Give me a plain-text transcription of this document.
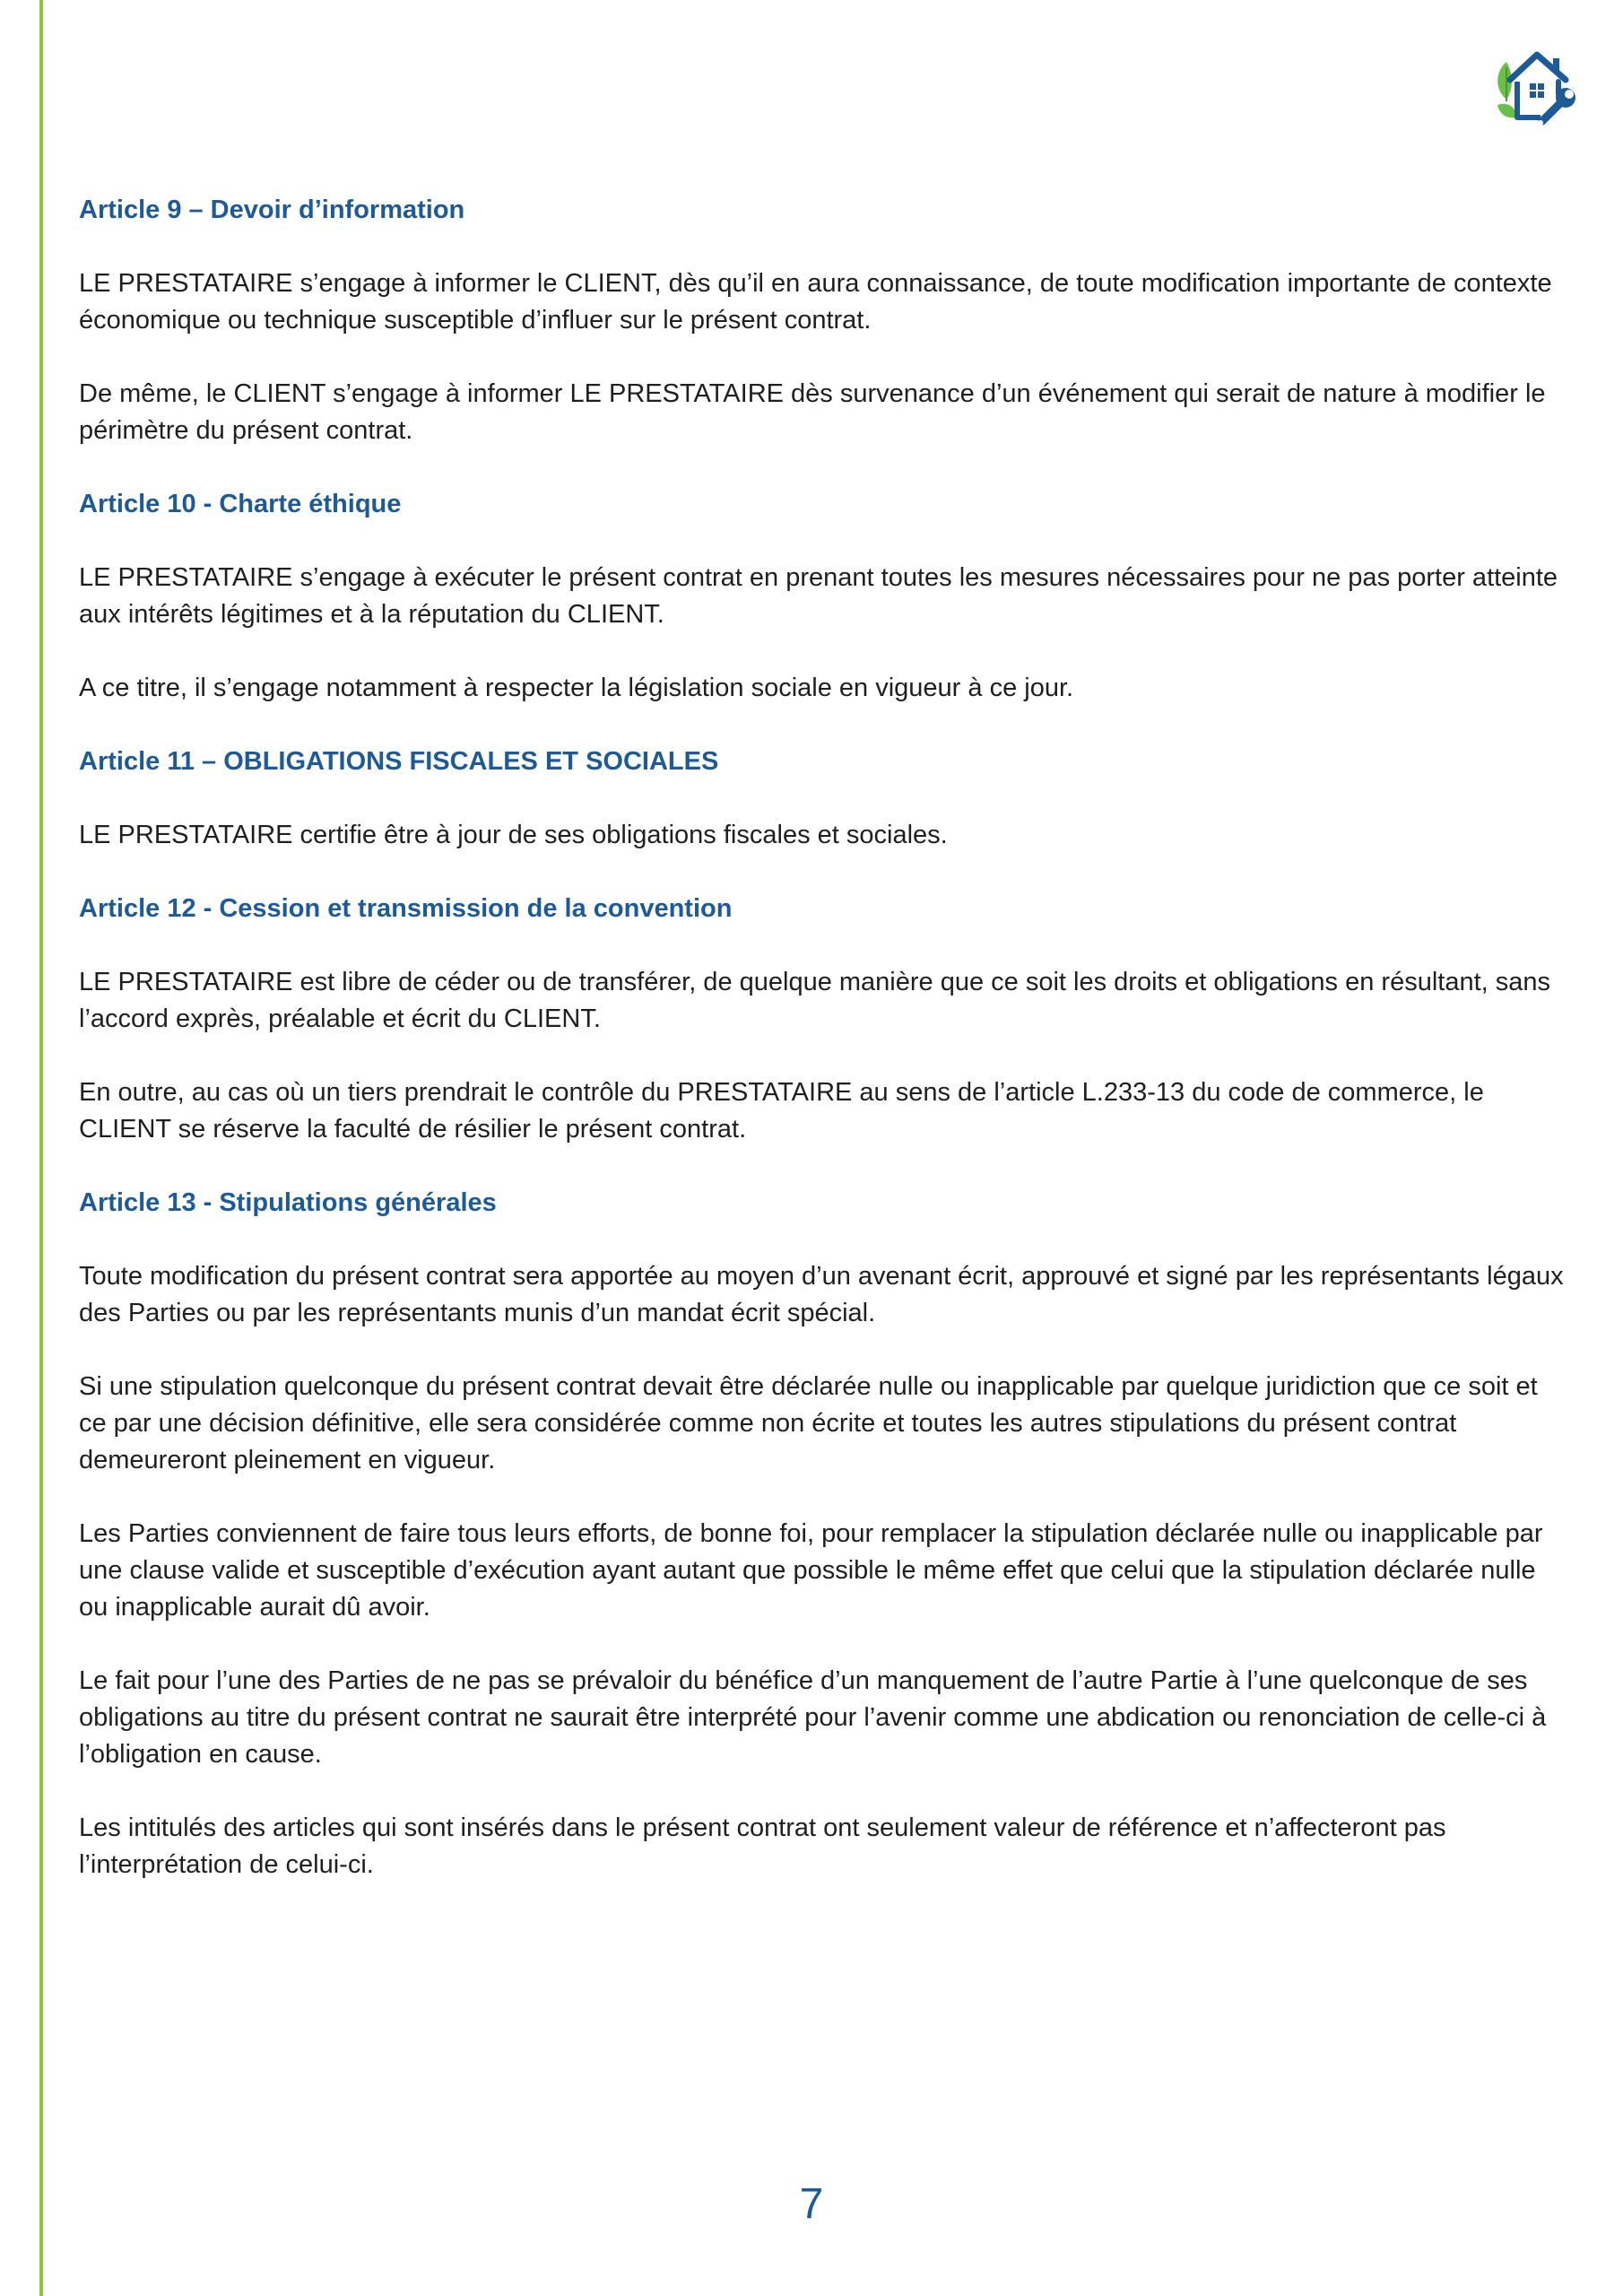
Article 9 – Devoir d’information

LE PRESTATAIRE s’engage à informer le CLIENT, dès qu’il en aura connaissance, de toute modification importante de contexte économique ou technique susceptible d’influer sur le présent contrat.

De même, le CLIENT s’engage à informer LE PRESTATAIRE dès survenance d’un événement qui serait de nature à modifier le périmètre du présent contrat.

Article 10 - Charte éthique

LE PRESTATAIRE s’engage à exécuter le présent contrat en prenant toutes les mesures nécessaires pour ne pas porter atteinte aux intérêts légitimes et à la réputation du CLIENT.

A ce titre, il s’engage notamment à respecter la législation sociale en vigueur à ce jour.

Article 11 – OBLIGATIONS FISCALES ET SOCIALES

LE PRESTATAIRE certifie être à jour de ses obligations fiscales et sociales.

Article 12 - Cession et transmission de la convention

LE PRESTATAIRE est libre de céder ou de transférer, de quelque manière que ce soit les droits et obligations en résultant, sans l’accord exprès, préalable et écrit du CLIENT.

En outre, au cas où un tiers prendrait le contrôle du PRESTATAIRE au sens de l’article L.233-13 du code de commerce, le CLIENT se réserve la faculté de résilier le présent contrat.

Article 13 - Stipulations générales

Toute modification du présent contrat sera apportée au moyen d’un avenant écrit, approuvé et signé par les représentants légaux des Parties ou par les représentants munis d’un mandat écrit spécial.

Si une stipulation quelconque du présent contrat devait être déclarée nulle ou inapplicable par quelque juridiction que ce soit et ce par une décision définitive, elle sera considérée comme non écrite et toutes les autres stipulations du présent contrat demeureront pleinement en vigueur.

Les Parties conviennent de faire tous leurs efforts, de bonne foi, pour remplacer la stipulation déclarée nulle ou inapplicable par une clause valide et susceptible d’exécution ayant autant que possible le même effet que celui que la stipulation déclarée nulle ou inapplicable aurait dû avoir.

Le fait pour l’une des Parties de ne pas se prévaloir du bénéfice d’un manquement de l’autre Partie à l’une quelconque de ses obligations au titre du présent contrat ne saurait être interprété pour l’avenir comme une abdication ou renonciation de celle-ci à l’obligation en cause.

Les intitulés des articles qui sont insérés dans le présent contrat ont seulement valeur de référence et n’affecteront pas l’interprétation de celui-ci.

7
